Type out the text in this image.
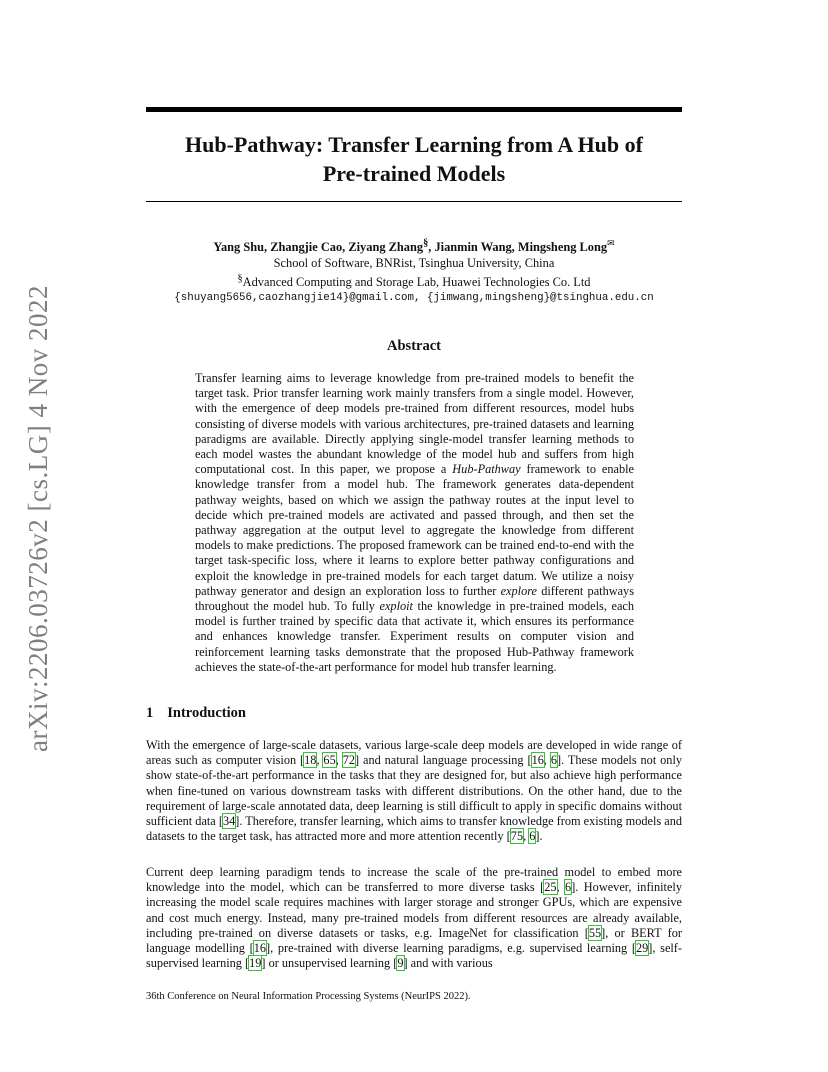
arXiv:2206.03726v2 [cs.LG] 4 Nov 2022
Hub-Pathway: Transfer Learning from A Hub of
Pre-trained Models
Yang Shu, Zhangjie Cao, Ziyang Zhang§, Jianmin Wang, Mingsheng Long✉
School of Software, BNRist, Tsinghua University, China
§Advanced Computing and Storage Lab, Huawei Technologies Co. Ltd
{shuyang5656,caozhangjie14}@gmail.com, {jimwang,mingsheng}@tsinghua.edu.cn
Abstract

Transfer learning aims to leverage knowledge from pre-trained models to benefit the target task. Prior transfer learning work mainly transfers from a single model. However, with the emergence of deep models pre-trained from different resources, model hubs consisting of diverse models with various architectures, pre-trained datasets and learning paradigms are available. Directly applying single-model transfer learning methods to each model wastes the abundant knowledge of the model hub and suffers from high computational cost. In this paper, we propose a Hub-Pathway framework to enable knowledge transfer from a model hub. The framework generates data-dependent pathway weights, based on which we assign the pathway routes at the input level to decide which pre-trained models are activated and passed through, and then set the pathway aggregation at the output level to aggregate the knowledge from different models to make predictions. The proposed framework can be trained end-to-end with the target task-specific loss, where it learns to explore better pathway configurations and exploit the knowledge in pre-trained models for each target datum. We utilize a noisy pathway generator and design an exploration loss to further explore different pathways throughout the model hub. To fully exploit the knowledge in pre-trained models, each model is further trained by specific data that activate it, which ensures its performance and enhances knowledge transfer. Experiment results on computer vision and reinforcement learning tasks demonstrate that the proposed Hub-Pathway framework achieves the state-of-the-art performance for model hub transfer learning.

1 Introduction

With the emergence of large-scale datasets, various large-scale deep models are developed in wide range of areas such as computer vision [18, 65, 72] and natural language processing [16, 6]. These models not only show state-of-the-art performance in the tasks that they are designed for, but also achieve high performance when fine-tuned on various downstream tasks with different distributions. On the other hand, due to the requirement of large-scale annotated data, deep learning is still difficult to apply in specific domains without sufficient data [34]. Therefore, transfer learning, which aims to transfer knowledge from existing models and datasets to the target task, has attracted more and more attention recently [75, 6].

Current deep learning paradigm tends to increase the scale of the pre-trained model to embed more knowledge into the model, which can be transferred to more diverse tasks [25, 6]. However, infinitely increasing the model scale requires machines with larger storage and stronger GPUs, which are expensive and cost much energy. Instead, many pre-trained models from different resources are already available, including pre-trained on diverse datasets or tasks, e.g. ImageNet for classification [55], or BERT for language modelling [16], pre-trained with diverse learning paradigms, e.g. supervised learning [29], self-supervised learning [19] or unsupervised learning [9] and with various

36th Conference on Neural Information Processing Systems (NeurIPS 2022).
